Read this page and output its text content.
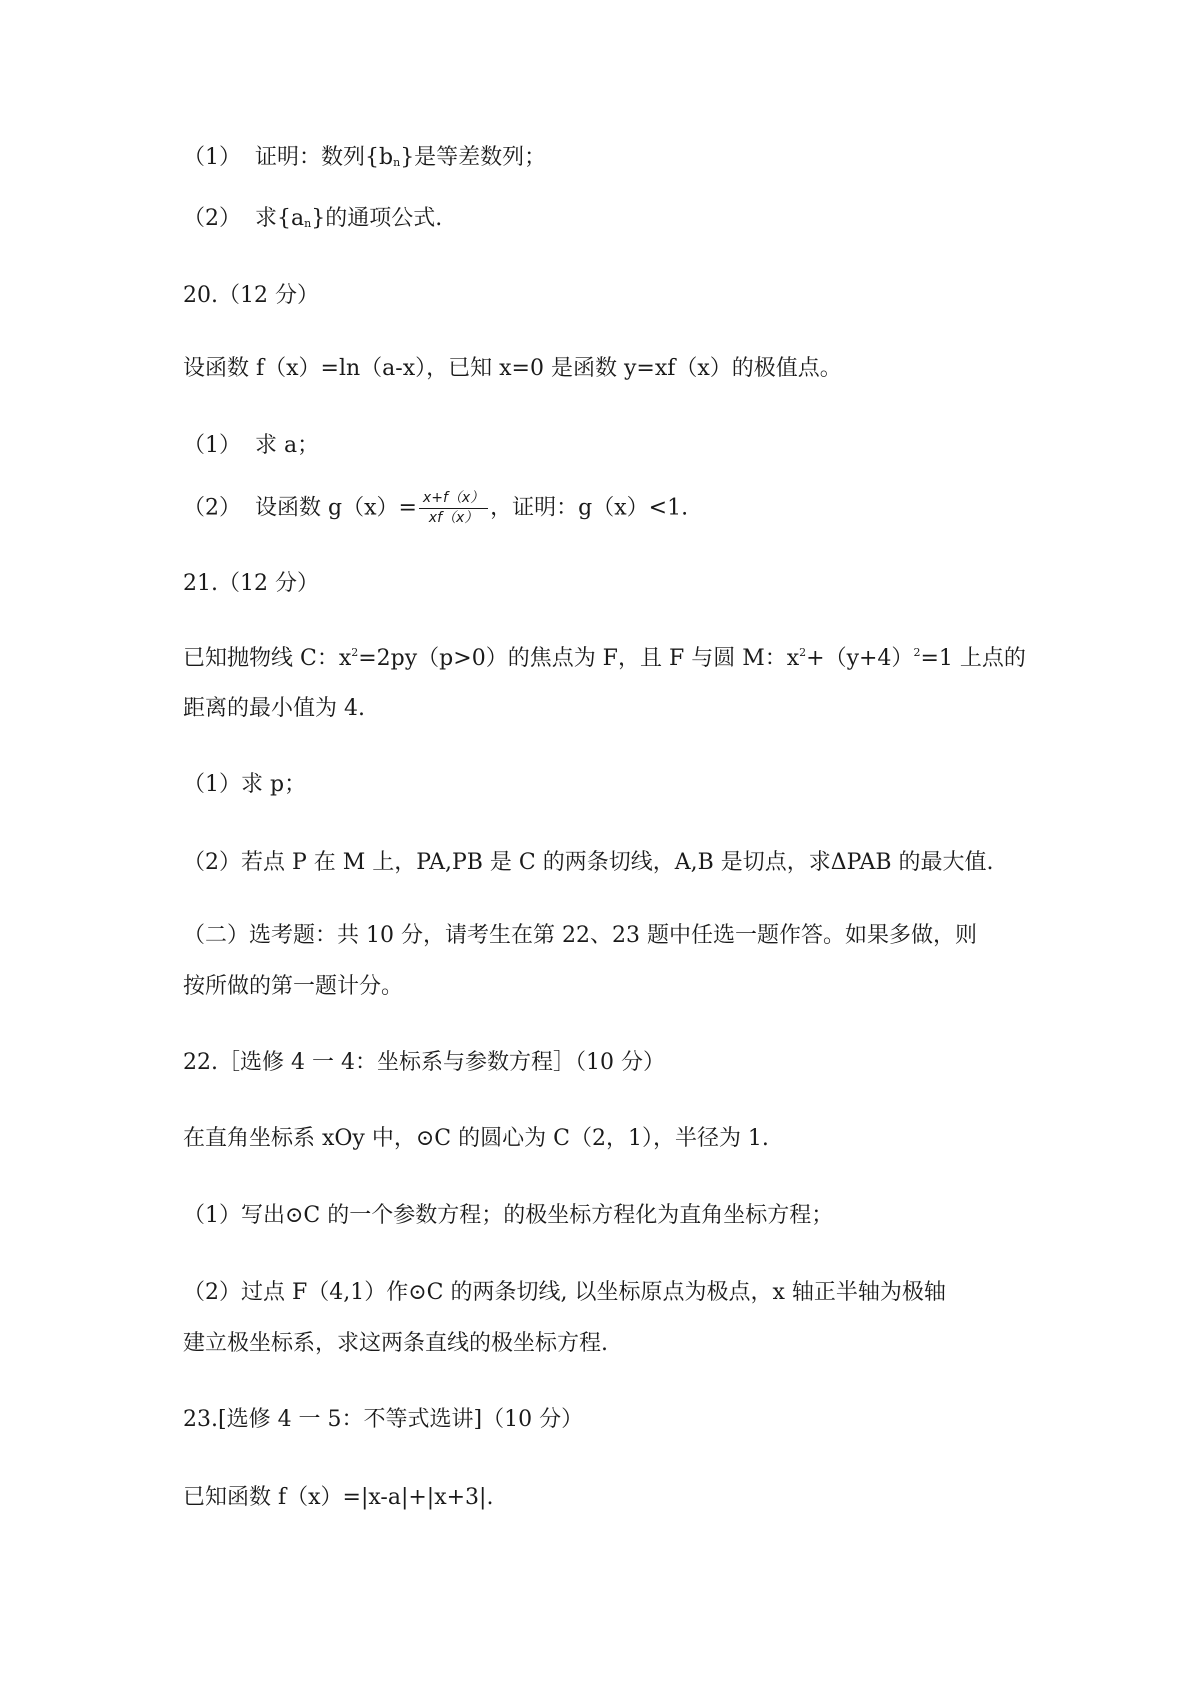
（1） 证明：数列$\{b_n\}$是等差数列；
（2） 求$\{a_n\}$的通项公式.
20.（12 分）
设函数 f（x）=ln（a-x），已知 x=0 是函数 y=xf（x）的极值点。
（1） 求 a；
（2） 设函数 $g(x)= \frac{x+f(x)}{xf(x)}$ ，证明：g（x）<1.
21.（12 分）
已知抛物线 C：$x^2=2py(p>0)$的焦点为 F，且 F 与圆 M：$x^2+(y+4)^2=1$ 上点的
距离的最小值为 4.
（1）求 p；
（2）若点 P 在 M 上，PA,PB 是 C 的两条切线，A,B 是切点，求ΔPAB 的最大值.
（二）选考题：共 10 分，请考生在第 22、23 题中任选一题作答。如果多做，则
按所做的第一题计分。
22.［选修 4 一 4：坐标系与参数方程］（10 分）
在直角坐标系 xOy 中，⊙C 的圆心为 C（2，1），半径为 1.
（1）写出⊙C 的一个参数方程；的极坐标方程化为直角坐标方程；
（2）过点 F（4,1）作⊙C 的两条切线, 以坐标原点为极点，x 轴正半轴为极轴
建立极坐标系，求这两条直线的极坐标方程.
23.[选修 4 一 5：不等式选讲]（10 分）
已知函数 f（x）=|x-a|+|x+3|.
